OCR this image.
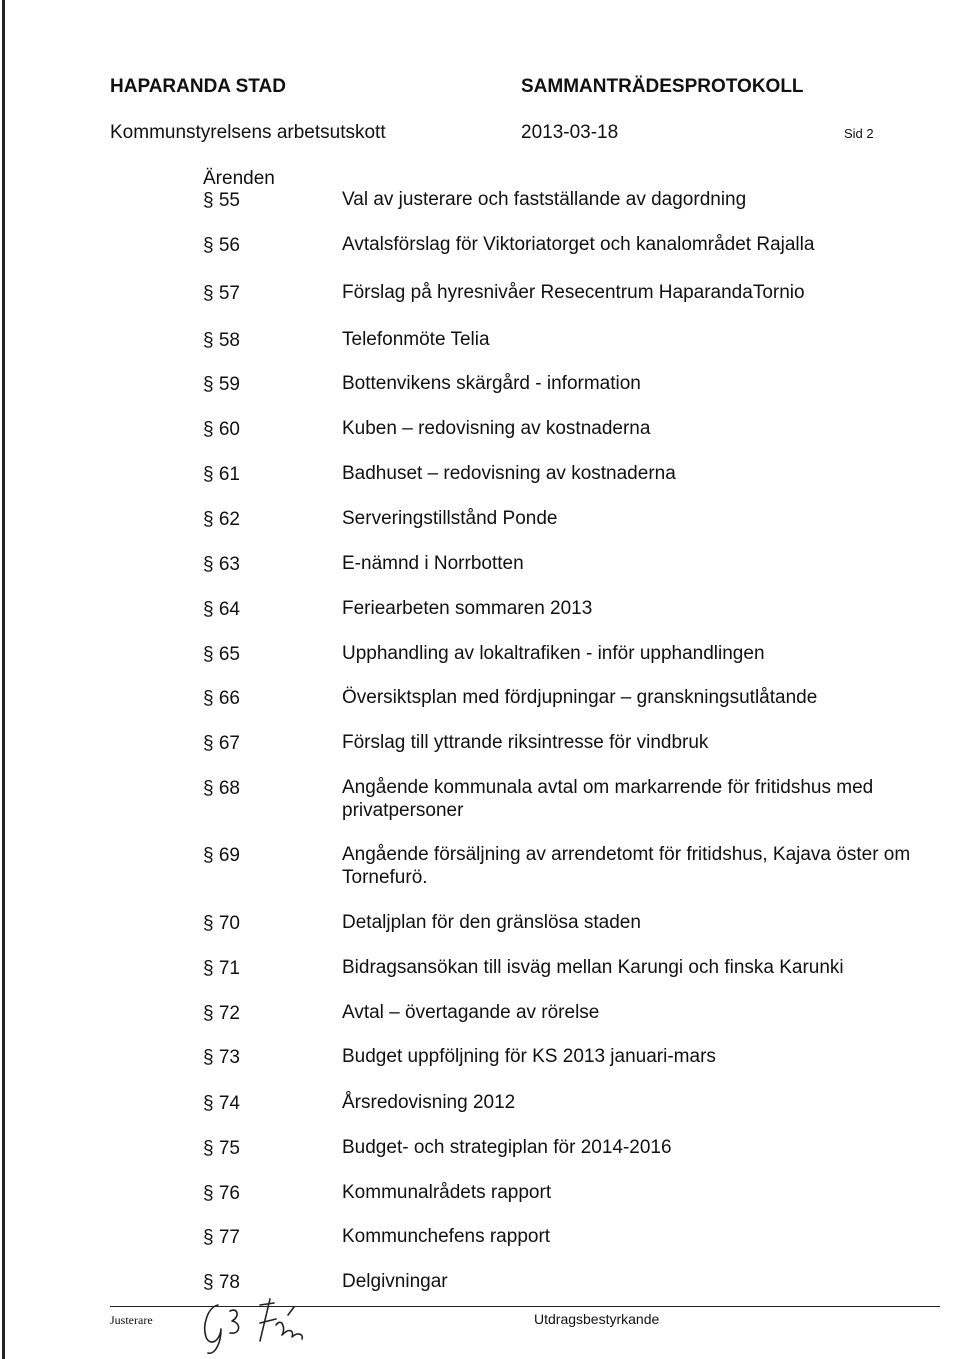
HAPARANDA STAD	SAMMANTRÄDESPROTOKOLL
Kommunstyrelsens arbetsutskott	2013-03-18	Sid 2
Ärenden
§ 55	Val av justerare och fastställande av dagordning
§ 56	Avtalsförslag för Viktoriatorget och kanalområdet Rajalla
§ 57	Förslag på hyresnivåer Resecentrum HaparandaTornio
§ 58	Telefonmöte Telia
§ 59	Bottenvikens skärgård - information
§ 60	Kuben – redovisning av kostnaderna
§ 61	Badhuset – redovisning av kostnaderna
§ 62	Serveringstillstånd Ponde
§ 63	E-nämnd i Norrbotten
§ 64	Feriearbeten sommaren 2013
§ 65	Upphandling av lokaltrafiken - inför upphandlingen
§ 66	Översiktsplan med fördjupningar – granskningsutlåtande
§ 67	Förslag till yttrande riksintresse för vindbruk
§ 68	Angående kommunala avtal om markarrende för fritidshus med privatpersoner
§ 69	Angående försäljning av arrendetomt för fritidshus, Kajava öster om Tornefurö.
§ 70	Detaljplan för den gränslösa staden
§ 71	Bidragsansökan till isväg mellan Karungi och finska Karunki
§ 72	Avtal – övertagande av rörelse
§ 73	Budget uppföljning för KS 2013 januari-mars
§ 74	Årsredovisning 2012
§ 75	Budget- och strategiplan för 2014-2016
§ 76	Kommunalrådets rapport
§ 77	Kommunchefens rapport
§ 78	Delgivningar
Justerare	Utdragsbestyrkande
